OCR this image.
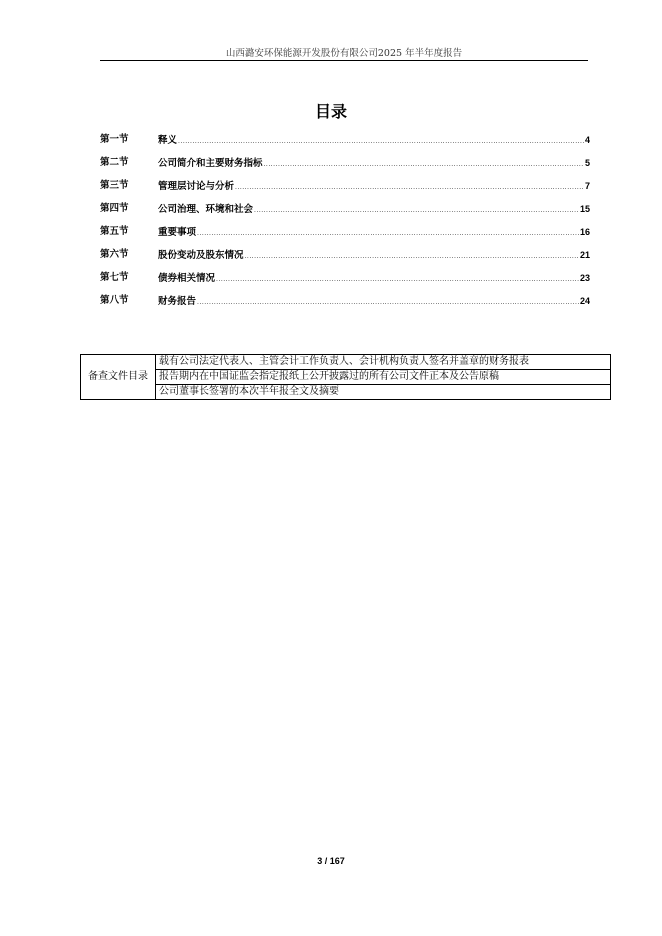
山西潞安环保能源开发股份有限公司2025 年半年度报告
目录
第一节	释义 .....	4
第二节	公司简介和主要财务指标 .....	5
第三节	管理层讨论与分析 .....	7
第四节	公司治理、环境和社会 .....	15
第五节	重要事项 .....	16
第六节	股份变动及股东情况 .....	21
第七节	债券相关情况 .....	23
第八节	财务报告 .....	24
备查文件目录	载有公司法定代表人、主管会计工作负责人、会计机构负责人签名并盖章的财务报表
报告期内在中国证监会指定报纸上公开披露过的所有公司文件正本及公告原稿
公司董事长签署的本次半年报全文及摘要
3 / 167
